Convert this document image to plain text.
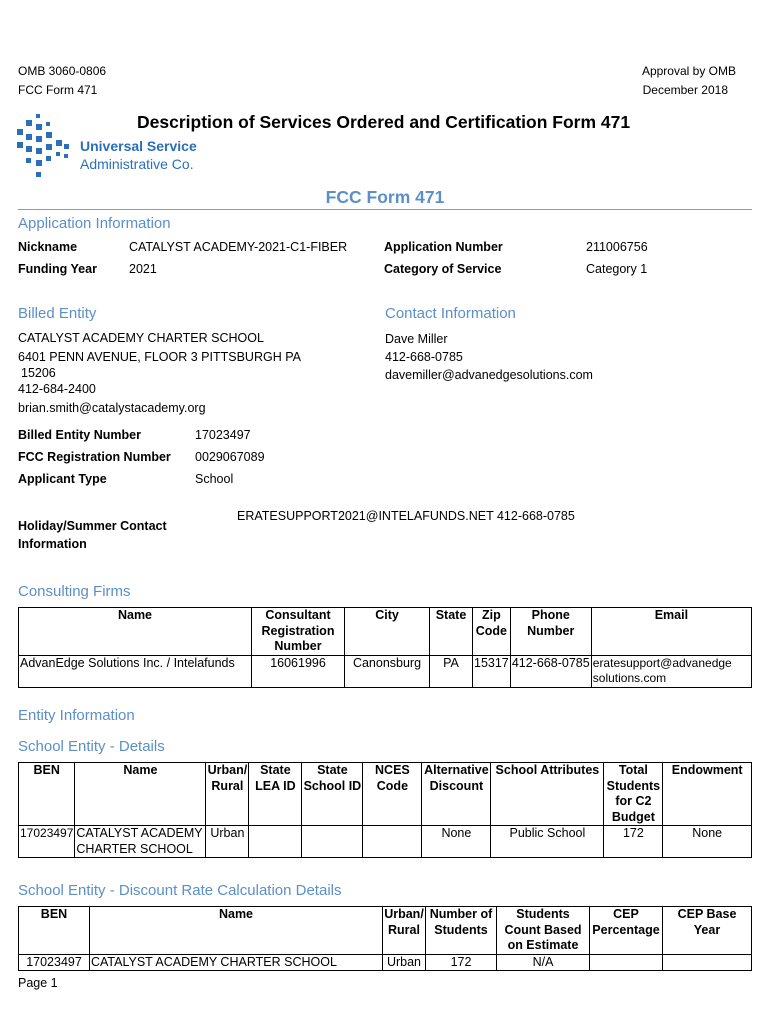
OMB 3060-0806
FCC Form 471
Approval by OMB
December 2018
Description of Services Ordered and Certification Form 471
Universal Service
Administrative Co.
FCC Form 471
Application Information
Nickname	CATALYST ACADEMY-2021-C1-FIBER	Application Number	211006756
Funding Year	2021	Category of Service	Category 1
Billed Entity
CATALYST ACADEMY CHARTER SCHOOL
6401 PENN AVENUE, FLOOR 3 PITTSBURGH PA
15206
412-684-2400
brian.smith@catalystacademy.org
Contact Information
Dave Miller
412-668-0785
davemiller@advanedgesolutions.com
Billed Entity Number	17023497
FCC Registration Number 0029067089
Applicant Type	School
Holiday/Summer Contact
Information
ERATESUPPORT2021@INTELAFUNDS.NET 412-668-0785
Consulting Firms
Name	Consultant Registration Number	City	State	Zip Code	Phone Number	Email
AdvanEdge Solutions Inc. / Intelafunds	16061996	Canonsburg	PA	15317	412-668-0785	eratesupport@advanedge solutions.com
Entity Information
School Entity - Details
BEN	Name	Urban/ Rural	State LEA ID	State School ID	NCES Code	Alternative Discount	School Attributes	Total Students for C2 Budget	Endowment
17023497	CATALYST ACADEMY CHARTER SCHOOL	Urban				None	Public School	172	None
School Entity - Discount Rate Calculation Details
BEN	Name	Urban/ Rural	Number of Students	Students Count Based on Estimate	CEP Percentage	CEP Base Year
17023497	CATALYST ACADEMY CHARTER SCHOOL	Urban	172	N/A		
Page 1
